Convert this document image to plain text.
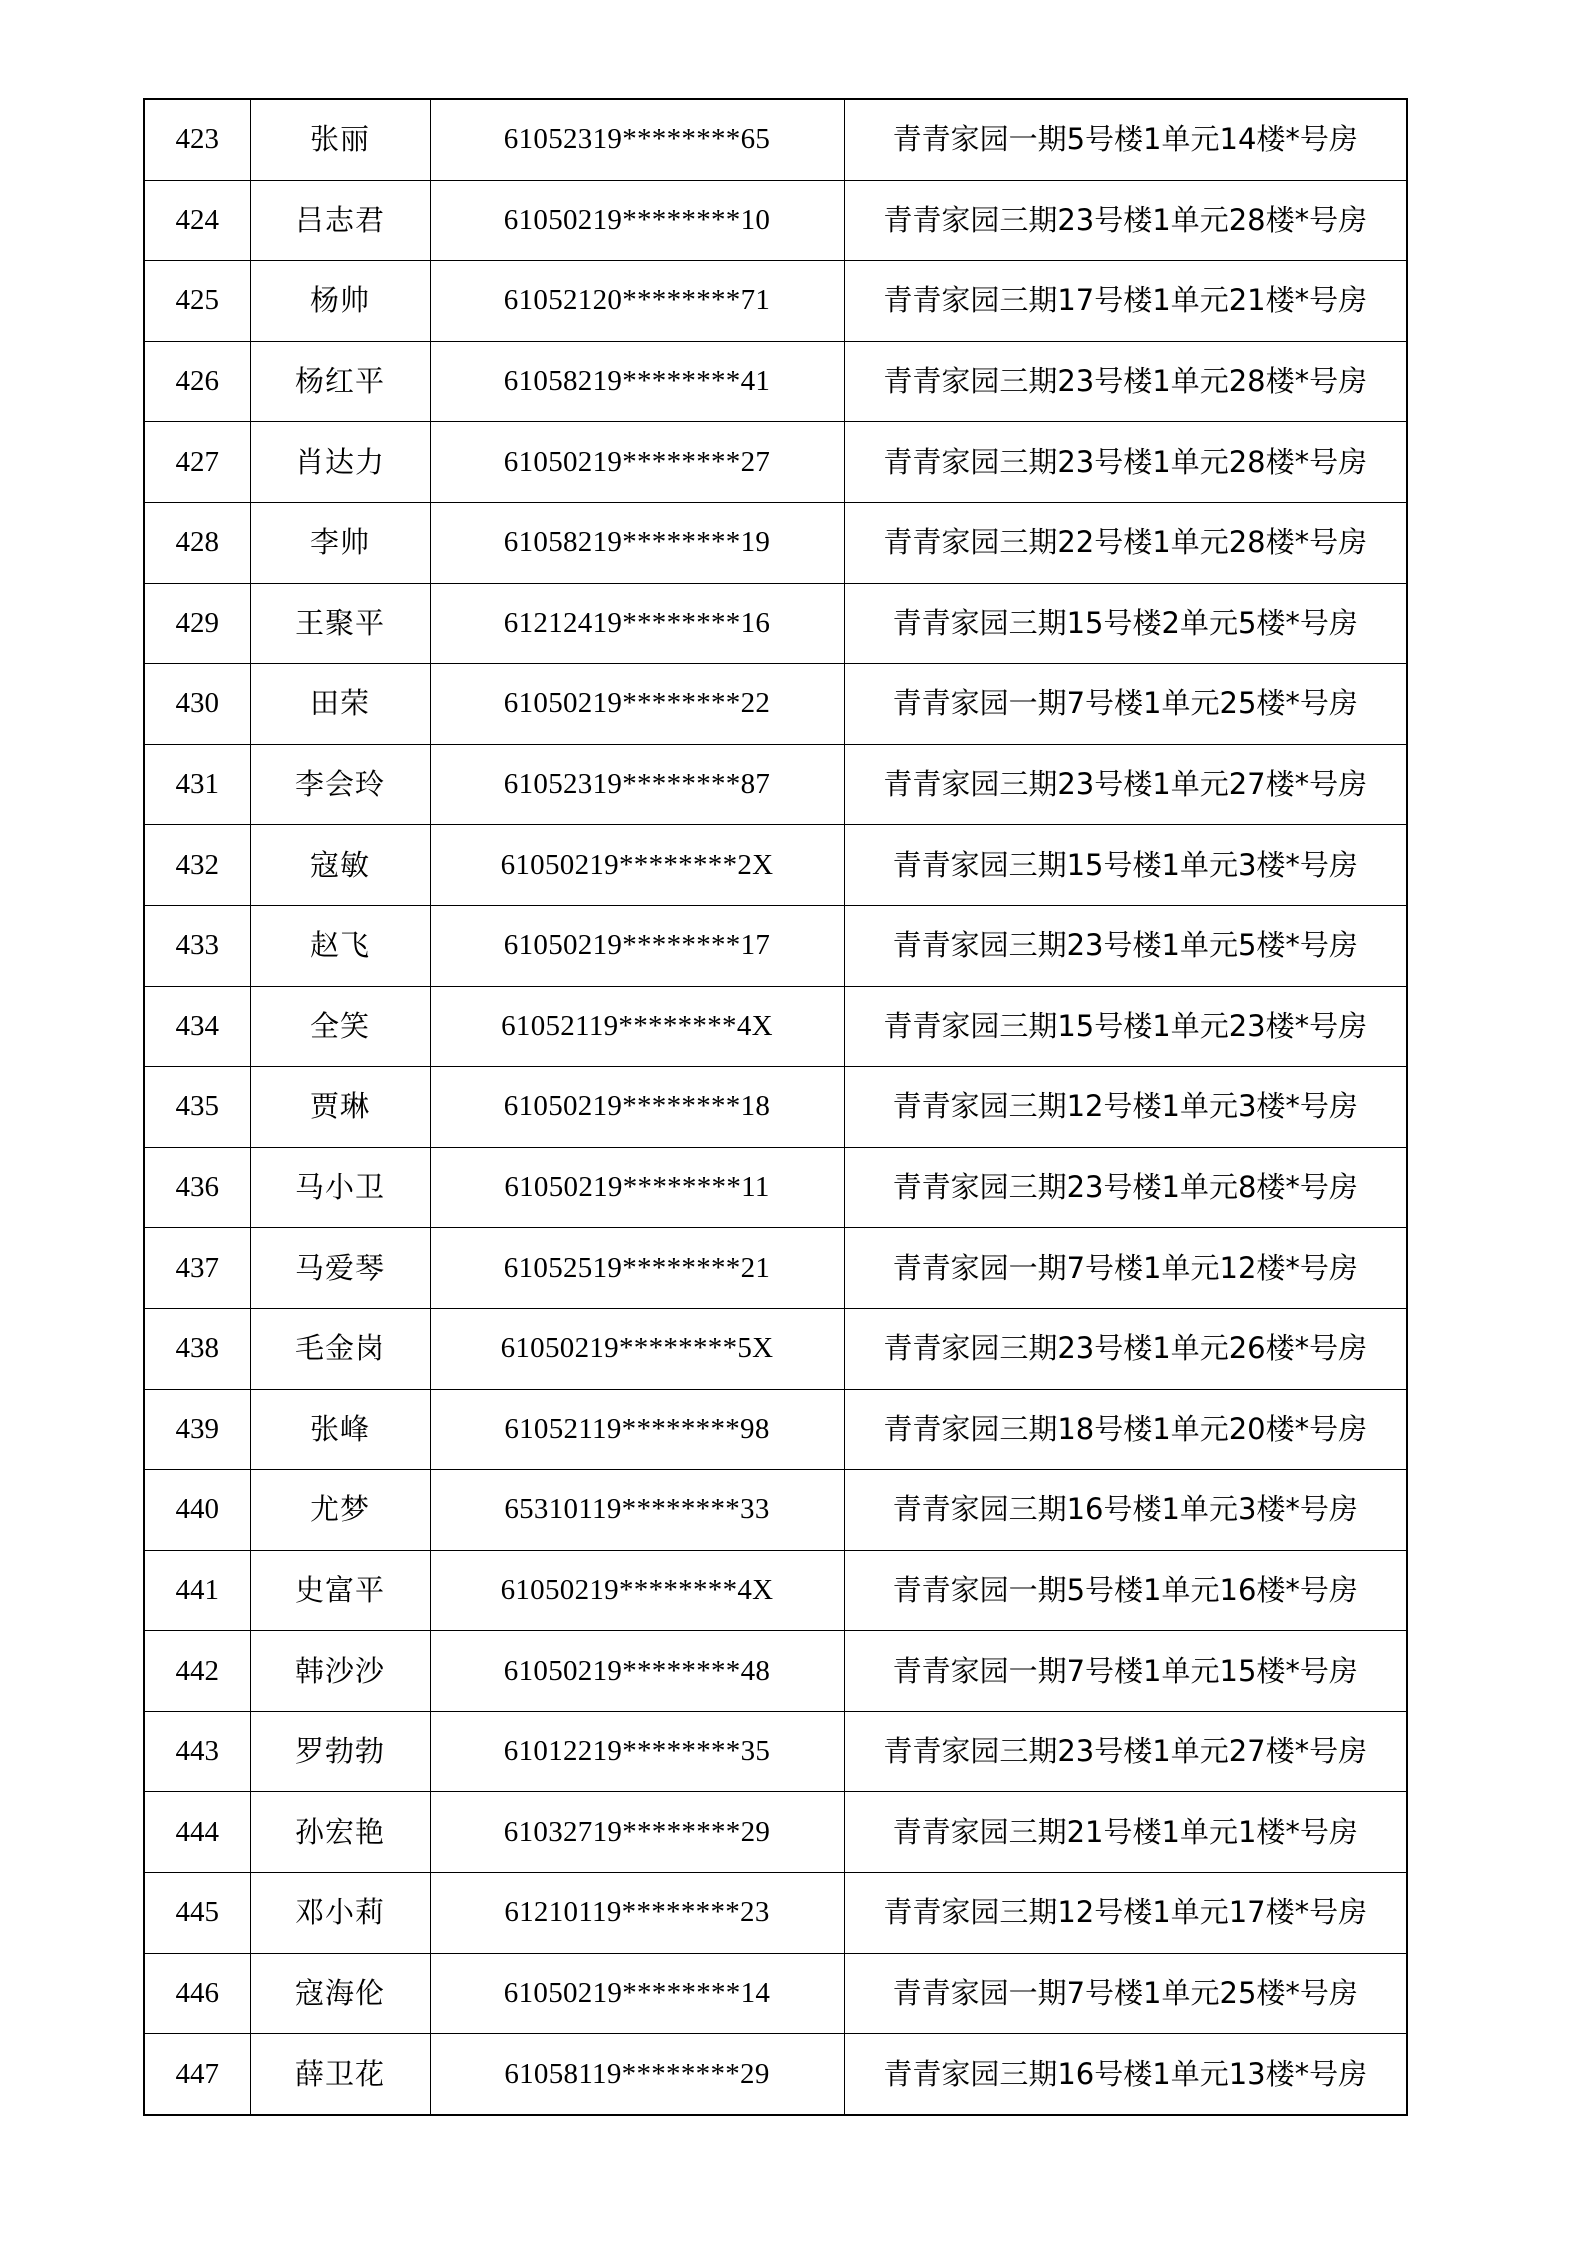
423	张丽	61052319********65	青青家园一期5号楼1单元14楼*号房
424	吕志君	61050219********10	青青家园三期23号楼1单元28楼*号房
425	杨帅	61052120********71	青青家园三期17号楼1单元21楼*号房
426	杨红平	61058219********41	青青家园三期23号楼1单元28楼*号房
427	肖达力	61050219********27	青青家园三期23号楼1单元28楼*号房
428	李帅	61058219********19	青青家园三期22号楼1单元28楼*号房
429	王聚平	61212419********16	青青家园三期15号楼2单元5楼*号房
430	田荣	61050219********22	青青家园一期7号楼1单元25楼*号房
431	李会玲	61052319********87	青青家园三期23号楼1单元27楼*号房
432	寇敏	61050219********2X	青青家园三期15号楼1单元3楼*号房
433	赵飞	61050219********17	青青家园三期23号楼1单元5楼*号房
434	全笑	61052119********4X	青青家园三期15号楼1单元23楼*号房
435	贾琳	61050219********18	青青家园三期12号楼1单元3楼*号房
436	马小卫	61050219********11	青青家园三期23号楼1单元8楼*号房
437	马爱琴	61052519********21	青青家园一期7号楼1单元12楼*号房
438	毛金岗	61050219********5X	青青家园三期23号楼1单元26楼*号房
439	张峰	61052119********98	青青家园三期18号楼1单元20楼*号房
440	尤梦	65310119********33	青青家园三期16号楼1单元3楼*号房
441	史富平	61050219********4X	青青家园一期5号楼1单元16楼*号房
442	韩沙沙	61050219********48	青青家园一期7号楼1单元15楼*号房
443	罗勃勃	61012219********35	青青家园三期23号楼1单元27楼*号房
444	孙宏艳	61032719********29	青青家园三期21号楼1单元1楼*号房
445	邓小莉	61210119********23	青青家园三期12号楼1单元17楼*号房
446	寇海伦	61050219********14	青青家园一期7号楼1单元25楼*号房
447	薛卫花	61058119********29	青青家园三期16号楼1单元13楼*号房
